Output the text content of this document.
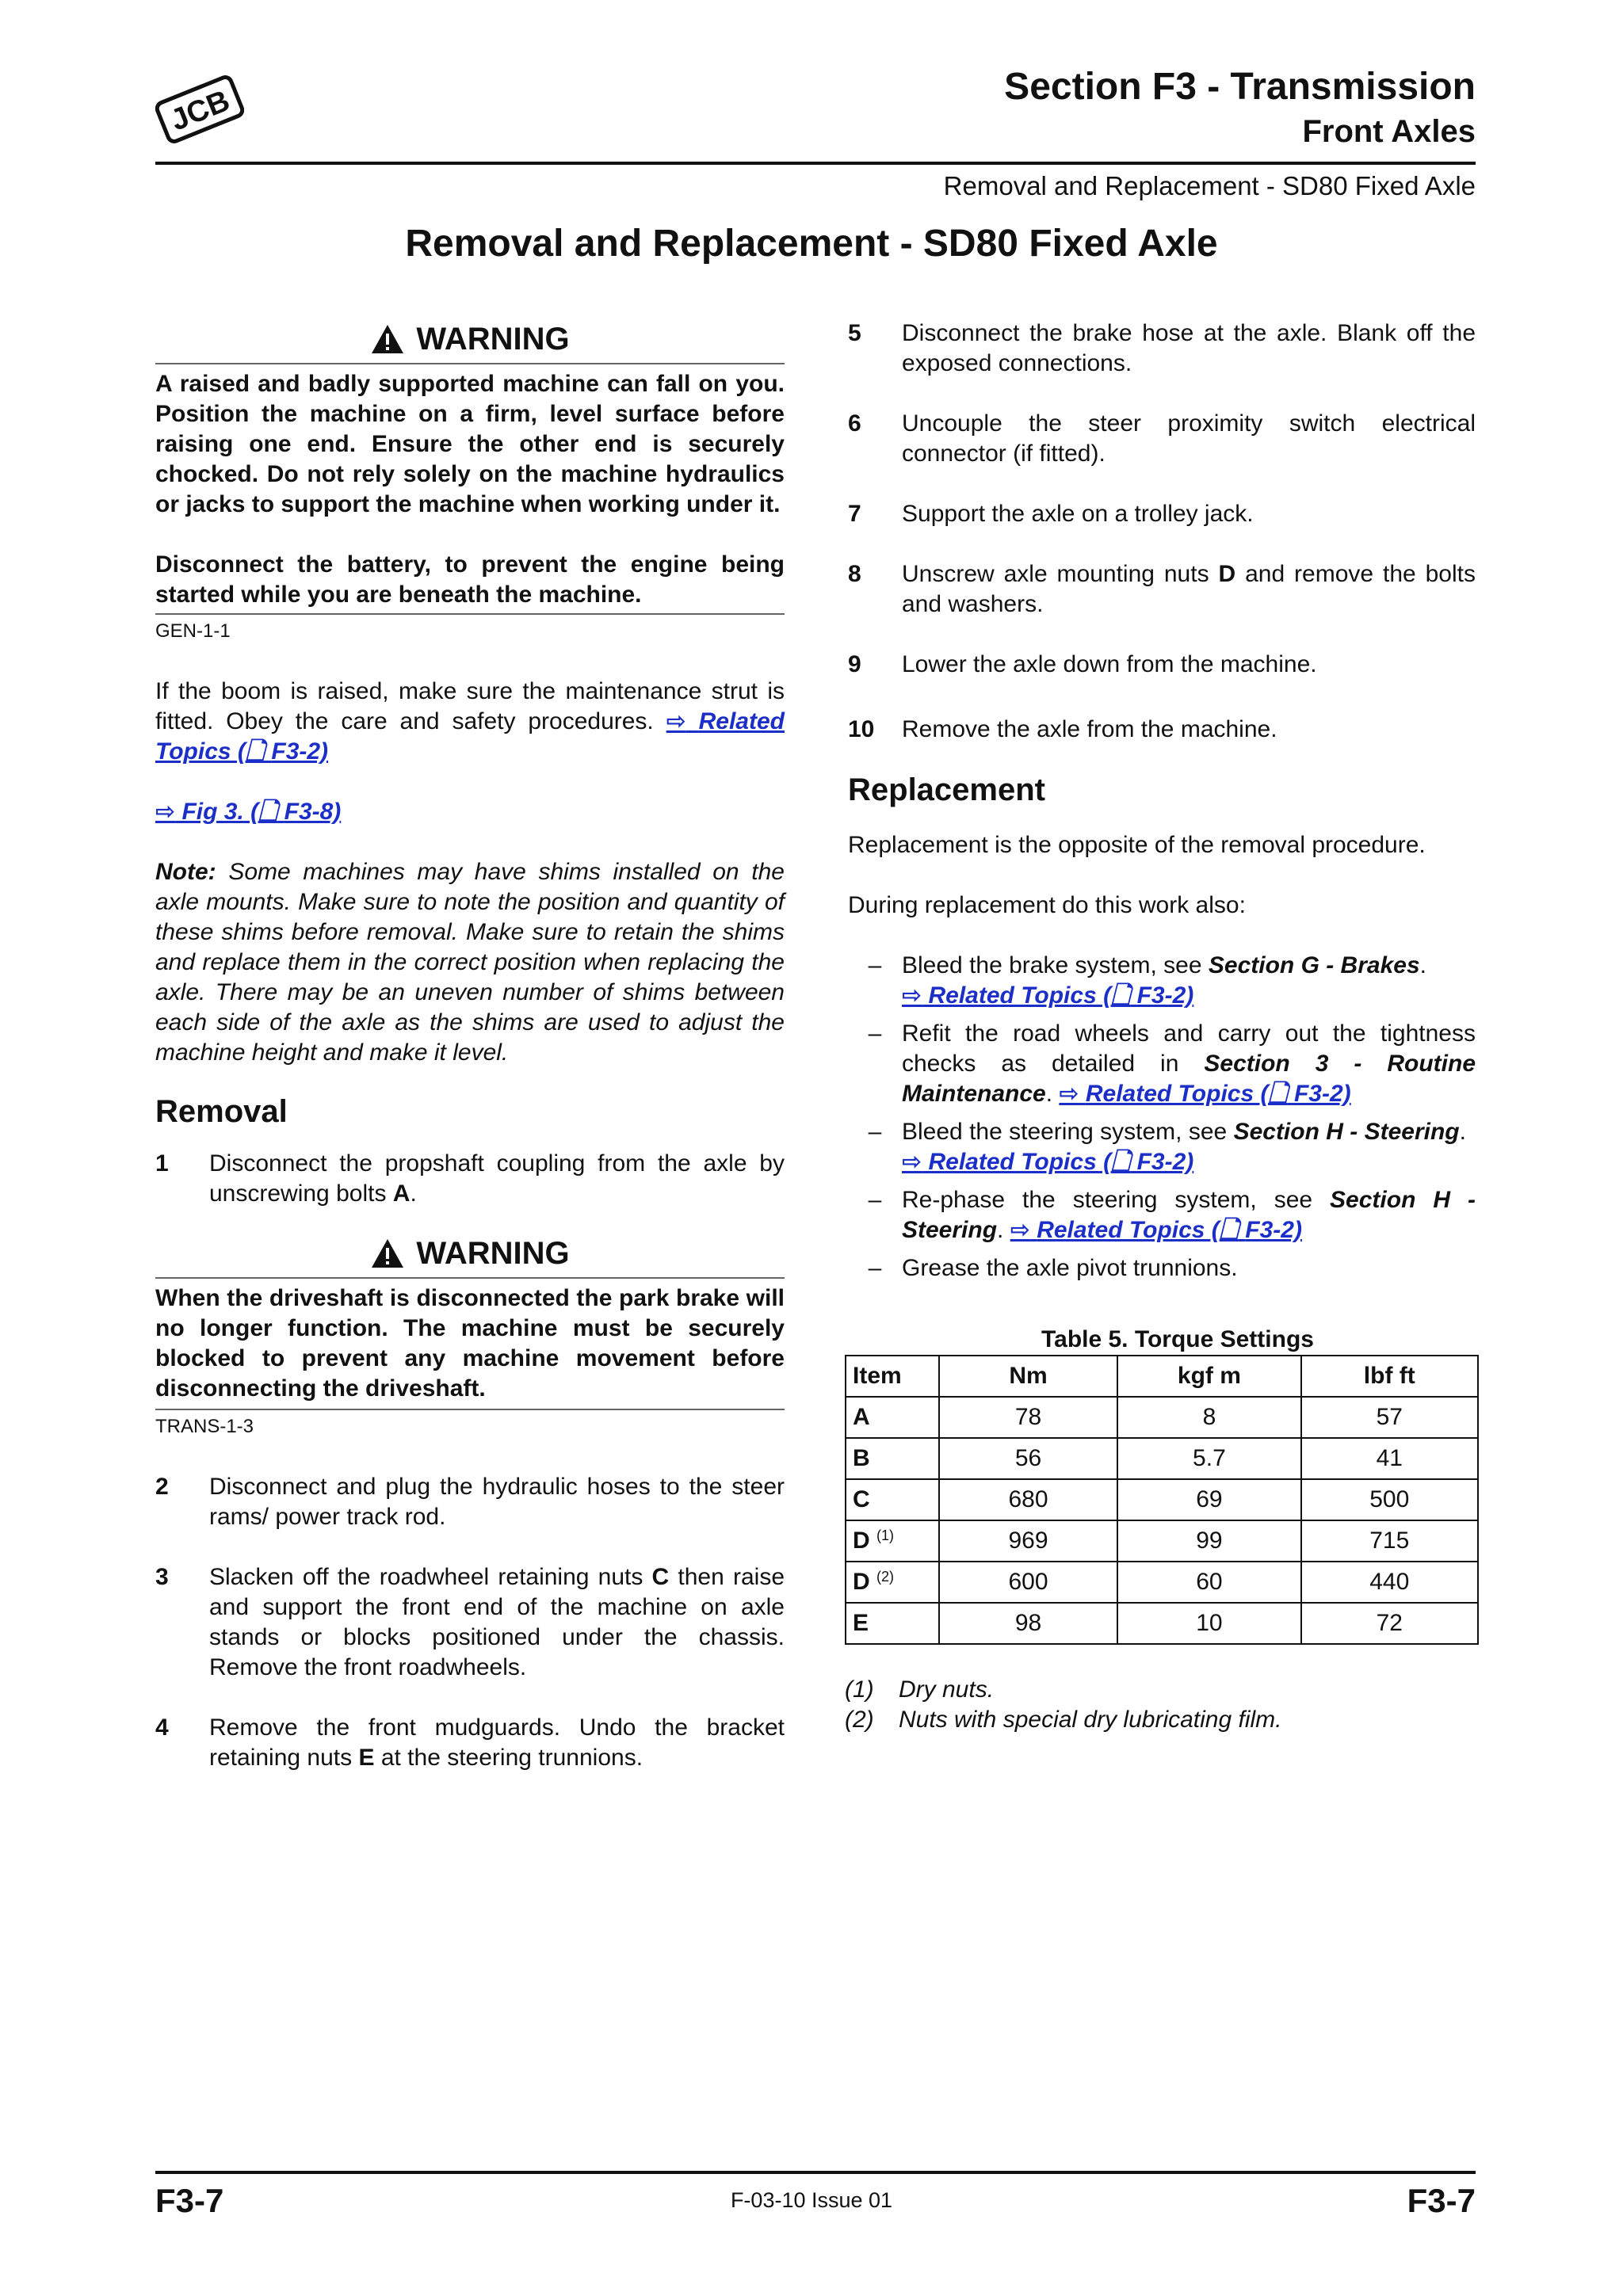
JCB	Section F3 - Transmission
Front Axles
Removal and Replacement - SD80 Fixed Axle
Removal and Replacement - SD80 Fixed Axle
WARNING

A raised and badly supported machine can fall on you. Position the machine on a firm, level surface before raising one end. Ensure the other end is securely chocked. Do not rely solely on the machine hydraulics or jacks to support the machine when working under it.

Disconnect the battery, to prevent the engine being started while you are beneath the machine.

GEN-1-1

If the boom is raised, make sure the maintenance strut is fitted. Obey the care and safety procedures. ⇨ Related Topics (🗋 F3-2)

⇨ Fig 3. (🗋 F3-8)

Note: Some machines may have shims installed on the axle mounts. Make sure to note the position and quantity of these shims before removal. Make sure to retain the shims and replace them in the correct position when replacing the axle. There may be an uneven number of shims between each side of the axle as the shims are used to adjust the machine height and make it level.

Removal
1	Disconnect the propshaft coupling from the axle by unscrewing bolts A.
WARNING

When the driveshaft is disconnected the park brake will no longer function. The machine must be securely blocked to prevent any machine movement before disconnecting the driveshaft.

TRANS-1-3
2	Disconnect and plug the hydraulic hoses to the steer rams/ power track rod.
3	Slacken off the roadwheel retaining nuts C then raise and support the front end of the machine on axle stands or blocks positioned under the chassis. Remove the front roadwheels.
4	Remove the front mudguards. Undo the bracket retaining nuts E at the steering trunnions.
5	Disconnect the brake hose at the axle. Blank off the exposed connections.
6	Uncouple the steer proximity switch electrical connector (if fitted).
7	Support the axle on a trolley jack.
8	Unscrew axle mounting nuts D and remove the bolts and washers.
9	Lower the axle down from the machine.
10	Remove the axle from the machine.
Replacement

Replacement is the opposite of the removal procedure.

During replacement do this work also:

– Bleed the brake system, see Section G - Brakes.
⇨ Related Topics (🗋 F3-2)
– Refit the road wheels and carry out the tightness checks as detailed in Section 3 - Routine Maintenance. ⇨ Related Topics (🗋 F3-2)
– Bleed the steering system, see Section H - Steering.
⇨ Related Topics (🗋 F3-2)
– Re-phase the steering system, see Section H - Steering. ⇨ Related Topics (🗋 F3-2)
– Grease the axle pivot trunnions.
Table 5. Torque Settings
Item	Nm	kgf m	lbf ft
A	78	8	57
B	56	5.7	41
C	680	69	500
D $^{(1)}$	969	99	715
D $^{(2)}$	600	60	440
E	98	10	72
(1) Dry nuts.
(2) Nuts with special dry lubricating film.
F3-7	F-03-10 Issue 01	F3-7
